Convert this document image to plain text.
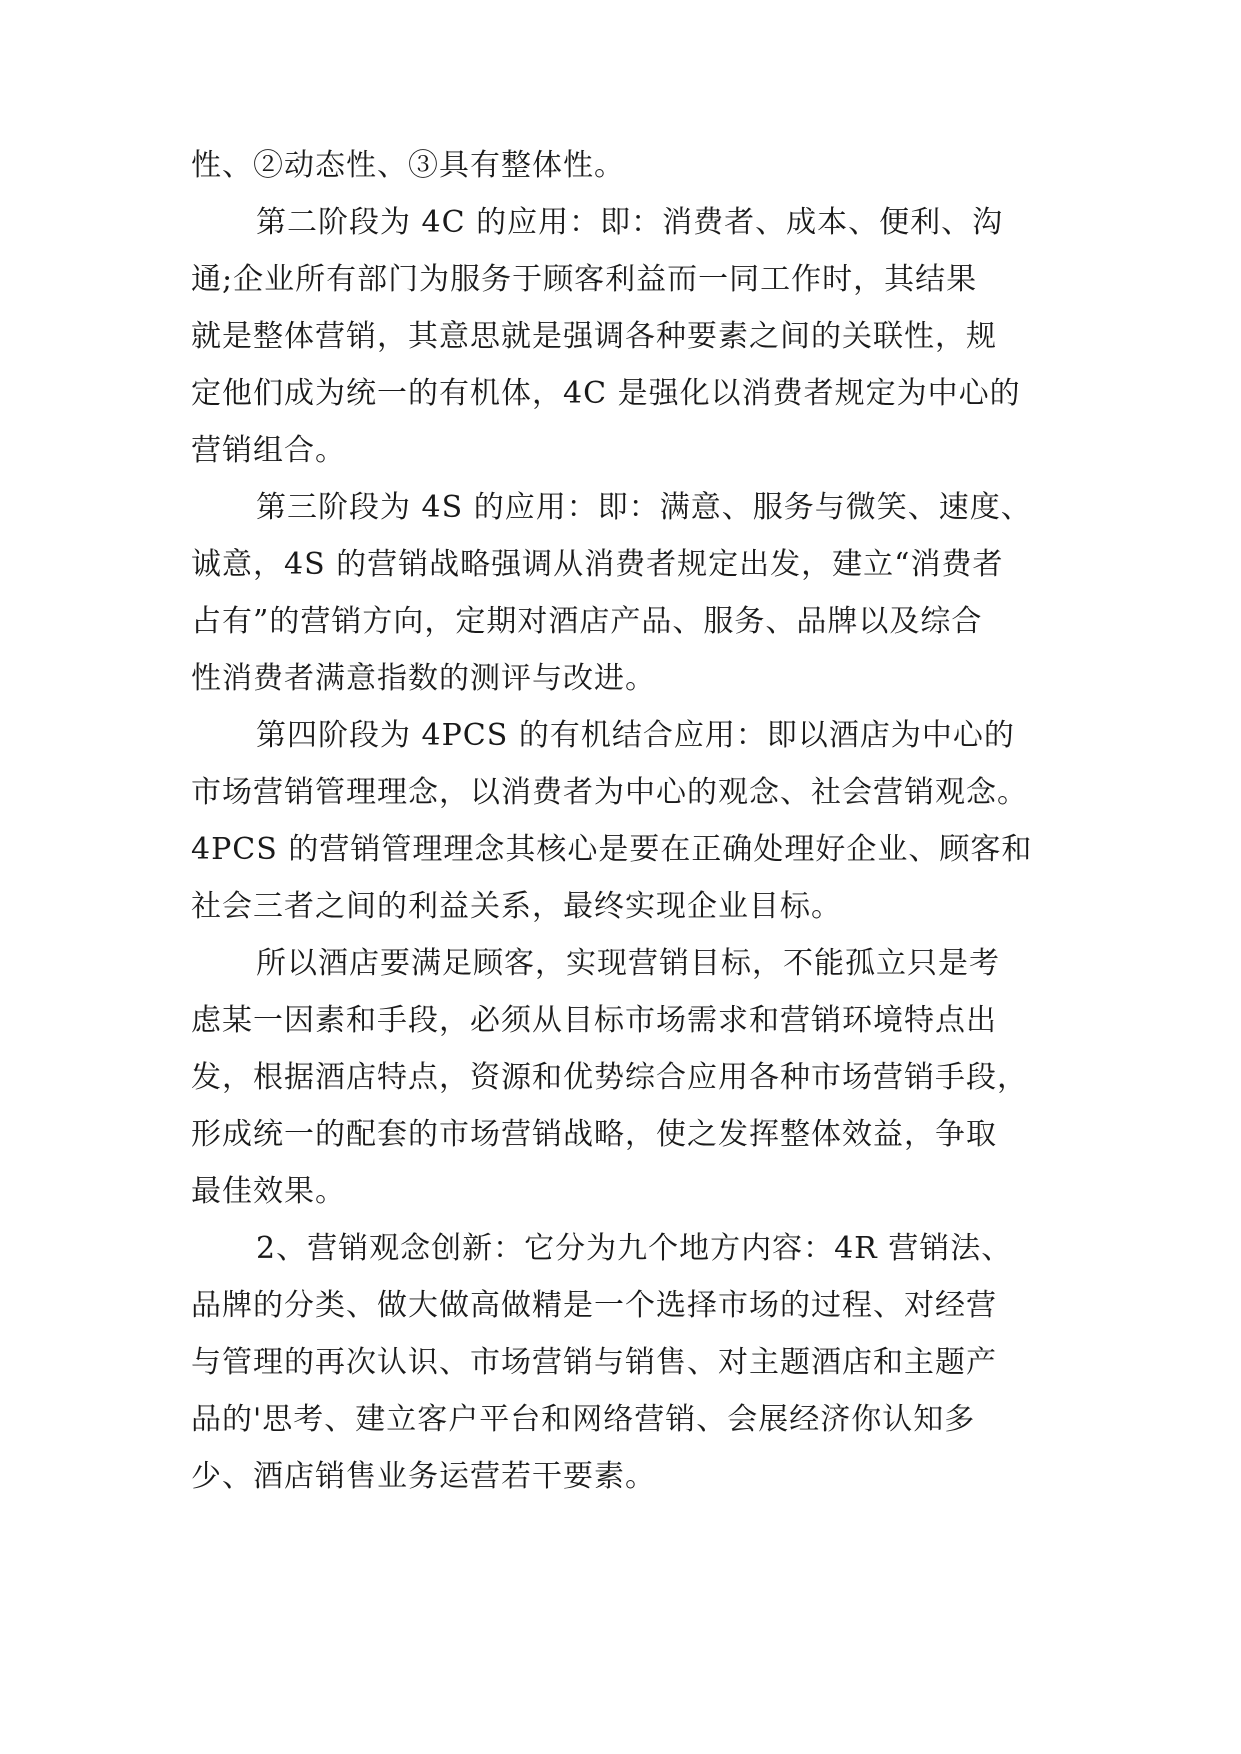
性、②动态性、③具有整体性。
第二阶段为 4C 的应用：即：消费者、成本、便利、沟
通;企业所有部门为服务于顾客利益而一同工作时，其结果
就是整体营销，其意思就是强调各种要素之间的关联性，规
定他们成为统一的有机体，4C 是强化以消费者规定为中心的
营销组合。
第三阶段为 4S 的应用：即：满意、服务与微笑、速度、
诚意，4S 的营销战略强调从消费者规定出发，建立“消费者
占有”的营销方向，定期对酒店产品、服务、品牌以及综合
性消费者满意指数的测评与改进。
第四阶段为 4PCS 的有机结合应用：即以酒店为中心的
市场营销管理理念，以消费者为中心的观念、社会营销观念。
4PCS 的营销管理理念其核心是要在正确处理好企业、顾客和
社会三者之间的利益关系，最终实现企业目标。
所以酒店要满足顾客，实现营销目标，不能孤立只是考
虑某一因素和手段，必须从目标市场需求和营销环境特点出
发，根据酒店特点，资源和优势综合应用各种市场营销手段，
形成统一的配套的市场营销战略，使之发挥整体效益，争取
最佳效果。
2、营销观念创新：它分为九个地方内容：4R 营销法、
品牌的分类、做大做高做精是一个选择市场的过程、对经营
与管理的再次认识、市场营销与销售、对主题酒店和主题产
品的'思考、建立客户平台和网络营销、会展经济你认知多
少、酒店销售业务运营若干要素。
